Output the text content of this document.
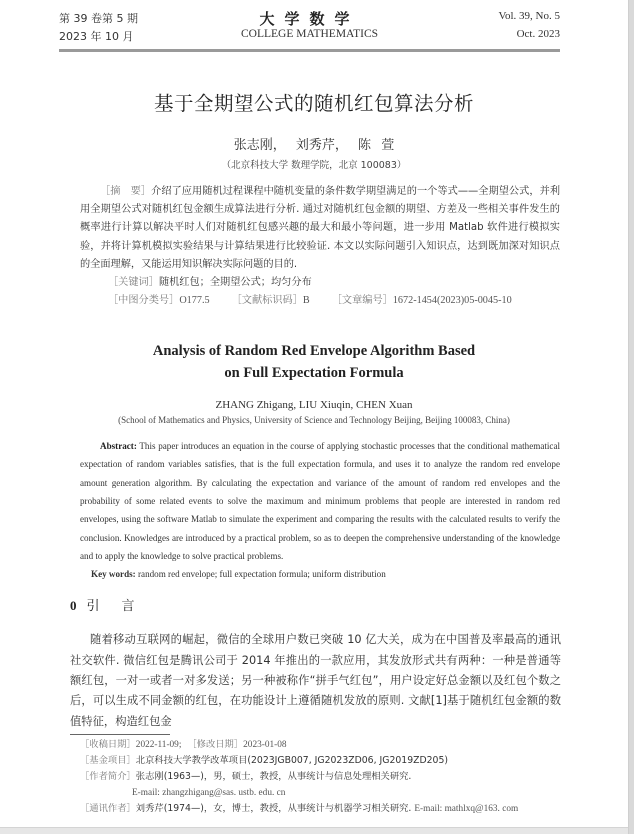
第 39 卷第 5 期	大学数学	Vol. 39, No. 5
2023 年 10 月	COLLEGE MATHEMATICS	Oct. 2023
基于全期望公式的随机红包算法分析
张志刚， 刘秀芹， 陈 萱
（北京科技大学 数理学院，北京 100083）

［摘　要］介绍了应用随机过程课程中随机变量的条件数学期望满足的一个等式——全期望公式，并利用全期望公式对随机红包金额生成算法进行分析. 通过对随机红包金额的期望、方差及一些相关事件发生的概率进行计算以解决平时人们对随机红包感兴趣的最大和最小等问题，进一步用 Matlab 软件进行模拟实验，并将计算机模拟实验结果与计算结果进行比较验证. 本文以实际问题引入知识点，达到既加深对知识点的全面理解，又能运用知识解决实际问题的目的.

［关键词］随机红包；全期望公式；均匀分布
［中图分类号］O177.5 ［文献标识码］B ［文章编号］1672-1454(2023)05-0045-10
Analysis of Random Red Envelope Algorithm Based
on Full Expectation Formula
ZHANG Zhigang, LIU Xiuqin, CHEN Xuan
(School of Mathematics and Physics, University of Science and Technology Beijing, Beijing 100083, China)

Abstract: This paper introduces an equation in the course of applying stochastic processes that the conditional mathematical expectation of random variables satisfies, that is the full expectation formula, and uses it to analyze the random red envelope amount generation algorithm. By calculating the expectation and variance of the amount of random red envelopes and the probability of some related events to solve the maximum and minimum problems that people are interested in random red envelopes, using the software Matlab to simulate the experiment and comparing the results with the calculated results to verify the conclusion. Knowledges are introduced by a practical problem, so as to deepen the comprehensive understanding of the knowledge and to apply the knowledge to solve practical problems.

Key words: random red envelope; full expectation formula; uniform distribution
0 引 言

随着移动互联网的崛起，微信的全球用户数已突破 10 亿大关，成为在中国普及率最高的通讯社交软件. 微信红包是腾讯公司于 2014 年推出的一款应用，其发放形式共有两种：一种是普通等额红包，一对一或者一对多发送；另一种被称作“拼手气红包”，用户设定好总金额以及红包个数之后，可以生成不同金额的红包，在功能设计上遵循随机发放的原则. 文献[1]基于随机红包金额的数值特征，构造红包金

［收稿日期］2022-11-09; ［修改日期］2023-01-08
［基金项目］北京科技大学教学改革项目(2023JGB007, JG2023ZD06, JG2019ZD205)
［作者简介］张志刚(1963—)，男，硕士，教授，从事统计与信息处理相关研究.
E-mail: zhangzhigang@sas. ustb. edu. cn
［通讯作者］刘秀芹(1974—)，女，博士，教授，从事统计与机器学习相关研究. E-mail: mathlxq@163. com
